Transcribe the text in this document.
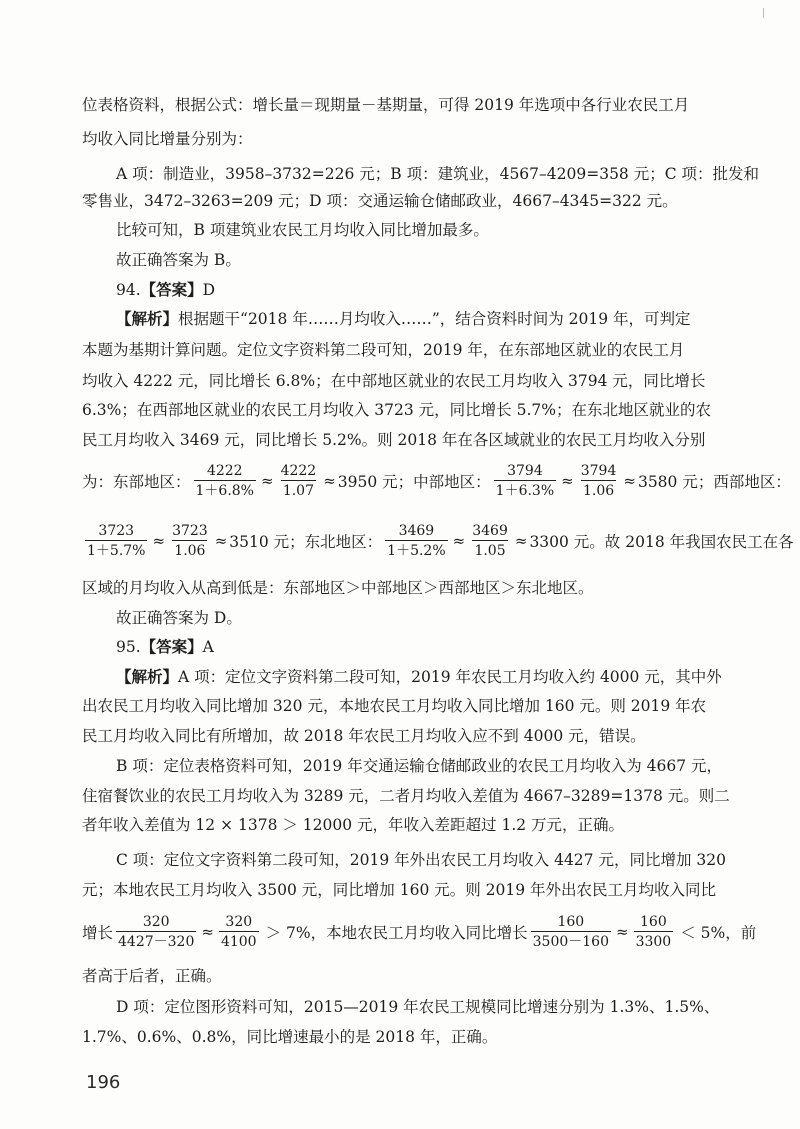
位表格资料，根据公式：增长量＝现期量－基期量，可得 2019 年选项中各行业农民工月
均收入同比增量分别为：
A 项：制造业，3958–3732=226 元；B 项：建筑业，4567–4209=358 元；C 项：批发和
零售业，3472–3263=209 元；D 项：交通运输仓储邮政业，4667–4345=322 元。
比较可知，B 项建筑业农民工月均收入同比增加最多。
故正确答案为 B。
94.【答案】D
【解析】根据题干“2018 年……月均收入……”，结合资料时间为 2019 年，可判定
本题为基期计算问题。定位文字资料第二段可知，2019 年，在东部地区就业的农民工月
均收入 4222 元，同比增长 6.8%；在中部地区就业的农民工月均收入 3794 元，同比增长
6.3%；在西部地区就业的农民工月均收入 3723 元，同比增长 5.7%；在东北地区就业的农
民工月均收入 3469 元，同比增长 5.2%。则 2018 年在各区域就业的农民工月均收入分别
为：东部地区： $\frac{4222}{1+6.8\%} \approx \frac{4222}{1.07} \approx 3950$ 元；中部地区： $\frac{3794}{1+6.3\%} \approx \frac{3794}{1.06} \approx 3580$ 元；西部地区：
$\frac{3723}{1+5.7\%} \approx \frac{3723}{1.06} \approx 3510$ 元；东北地区： $\frac{3469}{1+5.2\%} \approx \frac{3469}{1.05} \approx 3300$ 元。故 2018 年我国农民工在各
区域的月均收入从高到低是：东部地区＞中部地区＞西部地区＞东北地区。
故正确答案为 D。
95.【答案】A
【解析】A 项：定位文字资料第二段可知，2019 年农民工月均收入约 4000 元，其中外
出农民工月均收入同比增加 320 元，本地农民工月均收入同比增加 160 元。则 2019 年农
民工月均收入同比有所增加，故 2018 年农民工月均收入应不到 4000 元，错误。
B 项：定位表格资料可知，2019 年交通运输仓储邮政业的农民工月均收入为 4667 元，
住宿餐饮业的农民工月均收入为 3289 元，二者月均收入差值为 4667–3289=1378 元。则二
者年收入差值为 12 × 1378 ＞ 12000 元，年收入差距超过 1.2 万元，正确。
C 项：定位文字资料第二段可知，2019 年外出农民工月均收入 4427 元，同比增加 320
元；本地农民工月均收入 3500 元，同比增加 160 元。则 2019 年外出农民工月均收入同比
增长 $\frac{320}{4427-320} \approx \frac{320}{4100} > 7\%$，本地农民工月均收入同比增长 $\frac{160}{3500-160} \approx \frac{160}{3300} < 5\%$，前
者高于后者，正确。
D 项：定位图形资料可知，2015—2019 年农民工规模同比增速分别为 1.3%、1.5%、
1.7%、0.6%、0.8%，同比增速最小的是 2018 年，正确。
196
